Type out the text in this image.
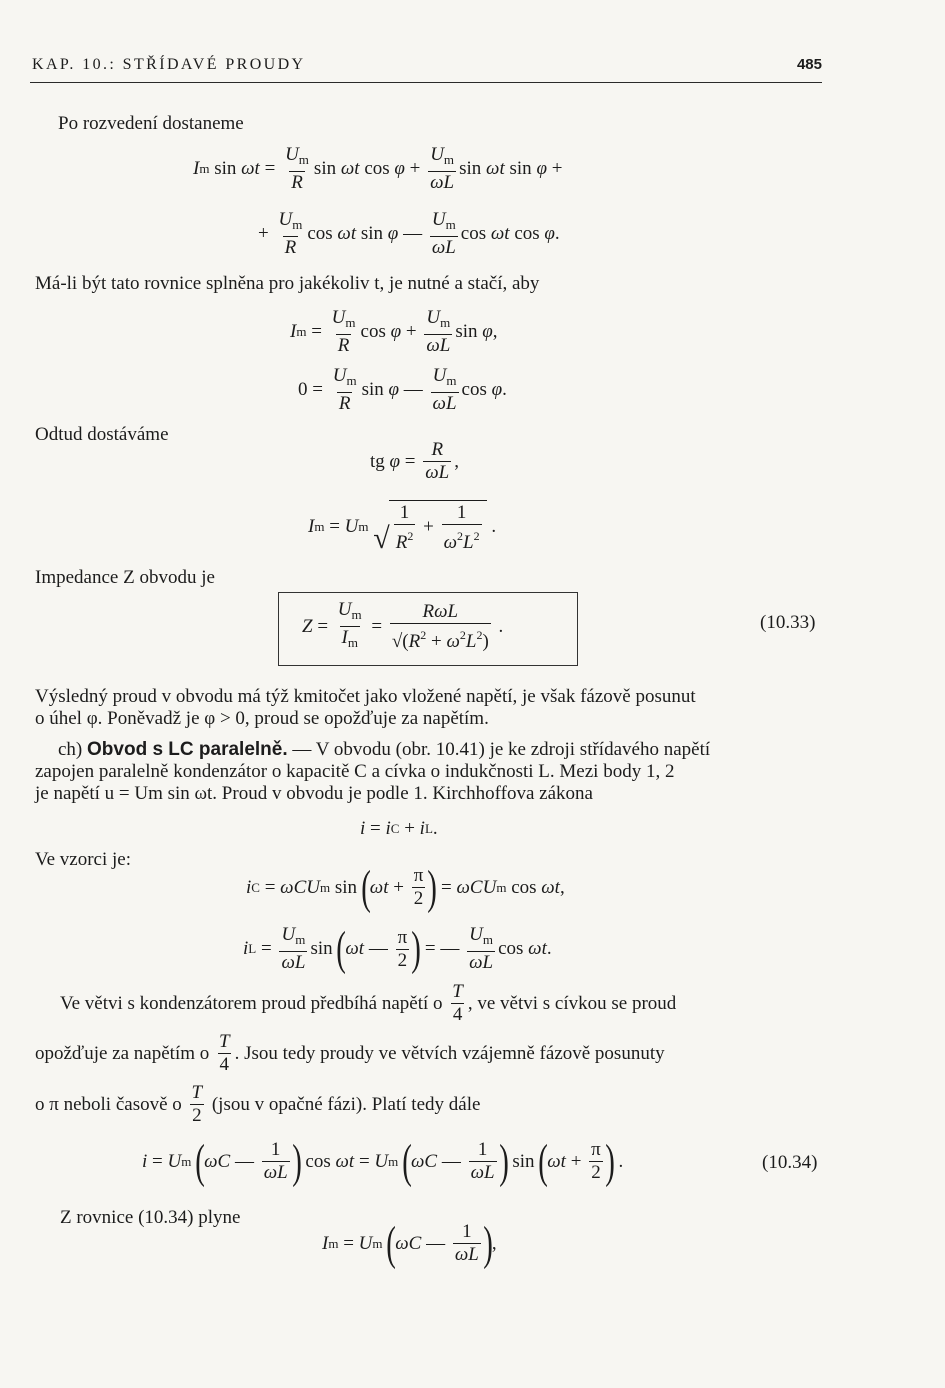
KAP. 10.: STŘÍDAVÉ PROUDY	485
Po rozvedení dostaneme
I m $\sin \omega t = \frac{U_m}{R}$ sin ωt $\cos \varphi + \frac{U_m}{\omega L}$ sin ωt sin φ +
+ $\frac{U_m}{R}$ cos ωt sin φ — $\frac{U_m}{\omega L}$ cos ωt cos φ .
Má-li být tato rovnice splněna pro jakékoliv t, je nutné a stačí, aby
I $m = \frac{U_m}{R}$ $\cos \varphi + \frac{U_m}{\omega L}$ sin φ ,
$0 = \frac{U_m}{R}$ sin φ — $\frac{U_m}{\omega L}$ cos φ .
Odtud dostáváme
tg $\varphi = \frac{R}{\omega L}$ ,
I m = U m
√ $\frac{1}{R^2} + \frac{1}{\omega^2L^2}$ .
Impedance Z obvodu je
$Z = \frac{U_m}{I_m} = \frac{\text{RωL}}{√(R^2 + \omega^2L^2)}$ .	(10.33)
Výsledný proud v obvodu má týž kmitočet jako vložené napětí, je však fázově posunut
o úhel φ. Poněvadž je φ > 0, proud se opožďuje za napětím.
ch) Obvod s LC paralelně. — V obvodu (obr. 10.41) je ke zdroji střídavého napětí
zapojen paralelně kondenzátor o kapacitě C a cívka o indukčnosti L. Mezi body 1, 2
je napětí u = Um sin ωt. Proud v obvodu je podle 1. Kirchhoffova zákona
i = i C + i L .
Ve vzorci je:
i C = ωCU m sin ( $\omega t + \frac{\pi}{2}$ ) = ωCU m cos ωt ,
i $L = \frac{U_m}{\omega L}$ sin ( ωt — $\frac{\pi}{2}$ ) = — $\frac{U_m}{\omega L}$ cos ωt .
Ve větvi s kondenzátorem proud předbíhá napětí o
$\frac{T}{4}$ , ve větvi s cívkou se proud
opožďuje za napětím o
$\frac{T}{4}$ . Jsou tedy proudy ve větvích vzájemně fázově posunuty
o π neboli časově o
$\frac{T}{2}$
(jsou v opačné fázi). Platí tedy dále
i = U m
( ωC — $\frac{1}{\omega L}$ ) cos ωt = U m
( ωC — $\frac{1}{\omega L}$ ) sin ( $\omega t + \frac{\pi}{2}$ ) .	(10.34)
Z rovnice (10.34) plyne
I m = U m
( ωC — $\frac{1}{\omega L}$ ) ,
